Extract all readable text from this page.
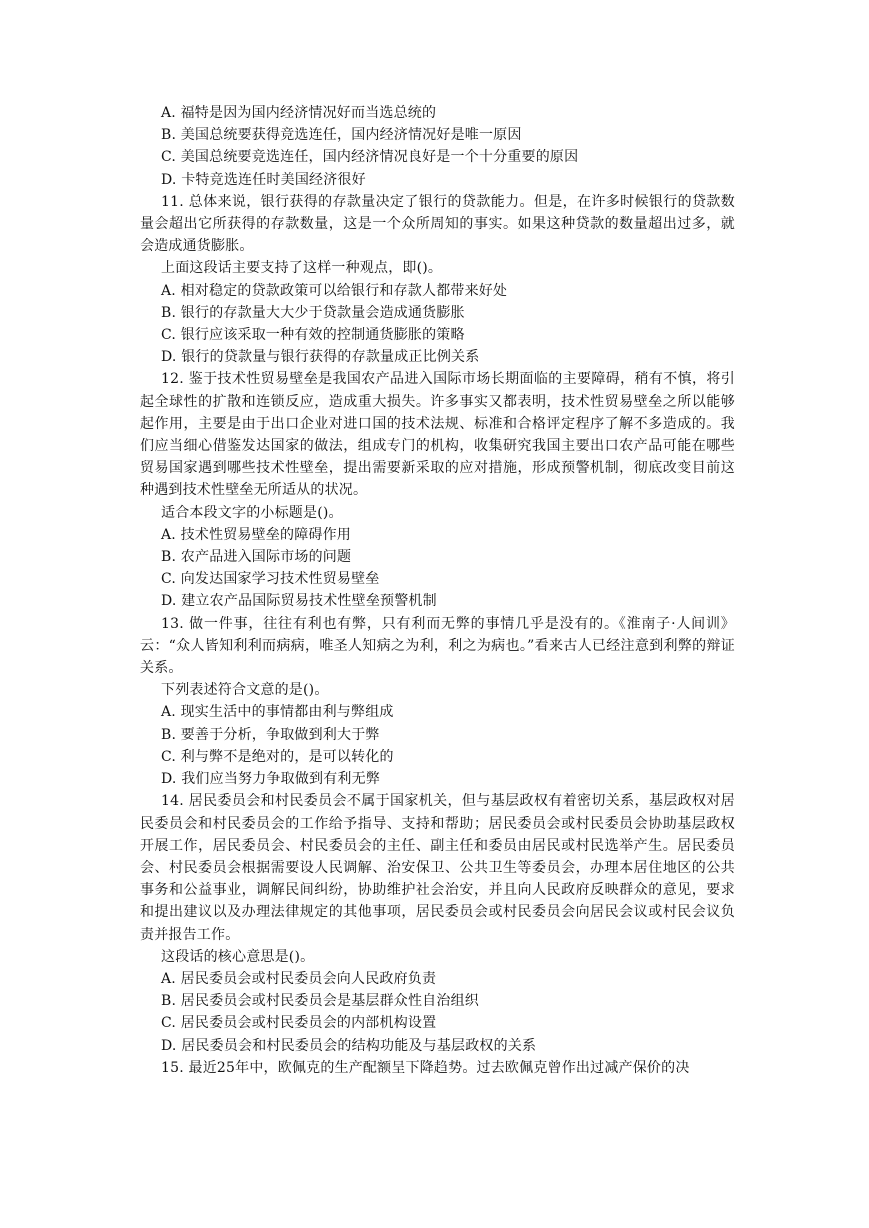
A. 福特是因为国内经济情况好而当选总统的

B. 美国总统要获得竞选连任，国内经济情况好是唯一原因

C. 美国总统要竞选连任，国内经济情况良好是一个十分重要的原因

D. 卡特竞选连任时美国经济很好

11. 总体来说，银行获得的存款量决定了银行的贷款能力。但是，在许多时候银行的贷款数量会超出它所获得的存款数量，这是一个众所周知的事实。如果这种贷款的数量超出过多，就会造成通货膨胀。

上面这段话主要支持了这样一种观点，即()。

A. 相对稳定的贷款政策可以给银行和存款人都带来好处

B. 银行的存款量大大少于贷款量会造成通货膨胀

C. 银行应该采取一种有效的控制通货膨胀的策略

D. 银行的贷款量与银行获得的存款量成正比例关系

12. 鉴于技术性贸易壁垒是我国农产品进入国际市场长期面临的主要障碍，稍有不慎，将引起全球性的扩散和连锁反应，造成重大损失。许多事实又都表明，技术性贸易壁垒之所以能够起作用，主要是由于出口企业对进口国的技术法规、标准和合格评定程序了解不多造成的。我们应当细心借鉴发达国家的做法，组成专门的机构，收集研究我国主要出口农产品可能在哪些贸易国家遇到哪些技术性壁垒，提出需要新采取的应对措施，形成预警机制，彻底改变目前这种遇到技术性壁垒无所适从的状况。

适合本段文字的小标题是()。

A. 技术性贸易壁垒的障碍作用

B. 农产品进入国际市场的问题

C. 向发达国家学习技术性贸易壁垒

D. 建立农产品国际贸易技术性壁垒预警机制

13. 做一件事，往往有利也有弊，只有利而无弊的事情几乎是没有的。《淮南子·人间训》云：“众人皆知利利而病病，唯圣人知病之为利，利之为病也。”看来古人已经注意到利弊的辩证关系。

下列表述符合文意的是()。

A. 现实生活中的事情都由利与弊组成

B. 要善于分析，争取做到利大于弊

C. 利与弊不是绝对的，是可以转化的

D. 我们应当努力争取做到有利无弊

14. 居民委员会和村民委员会不属于国家机关，但与基层政权有着密切关系，基层政权对居民委员会和村民委员会的工作给予指导、支持和帮助；居民委员会或村民委员会协助基层政权开展工作，居民委员会、村民委员会的主任、副主任和委员由居民或村民选举产生。居民委员会、村民委员会根据需要设人民调解、治安保卫、公共卫生等委员会，办理本居住地区的公共事务和公益事业，调解民间纠纷，协助维护社会治安，并且向人民政府反映群众的意见，要求和提出建议以及办理法律规定的其他事项，居民委员会或村民委员会向居民会议或村民会议负责并报告工作。

这段话的核心意思是()。

A. 居民委员会或村民委员会向人民政府负责

B. 居民委员会或村民委员会是基层群众性自治组织

C. 居民委员会或村民委员会的内部机构设置

D. 居民委员会和村民委员会的结构功能及与基层政权的关系

15. 最近25年中，欧佩克的生产配额呈下降趋势。过去欧佩克曾作出过减产保价的决
